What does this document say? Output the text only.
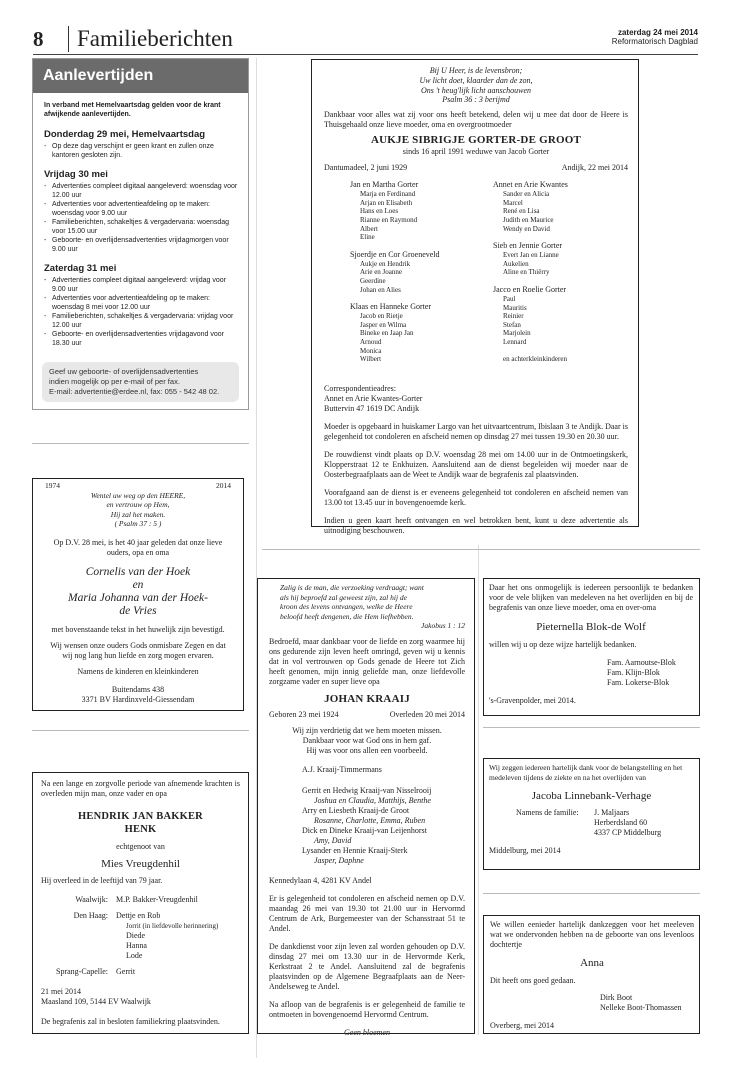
8	Familieberichten	zaterdag 24 mei 2014
Reformatorisch Dagblad
Aanlevertijden
In verband met Hemelvaartsdag gelden voor de krant afwijkende aanlevertijden.
Donderdag 29 mei, Hemelvaartsdag
- Op deze dag verschijnt er geen krant en zullen onze kantoren gesloten zijn.
Vrijdag 30 mei
- Advertenties compleet digitaal aangeleverd: woensdag voor 12.00 uur
- Advertenties voor advertentieafdeling op te maken: woensdag voor 9.00 uur
- Familieberichten, schakeltjes & vergadervaria: woensdag voor 15.00 uur
- Geboorte- en overlijdensadvertenties vrijdagmorgen voor 9.00 uur
Zaterdag 31 mei
- Advertenties compleet digitaal aangeleverd: vrijdag voor 9.00 uur
- Advertenties voor advertentieafdeling op te maken: woensdag 8 mei voor 12.00 uur
- Familieberichten, schakeltjes & vergadervaria: vrijdag voor 12.00 uur
- Geboorte- en overlijdensadvertenties vrijdagavond voor 18.30 uur
Geef uw geboorte- of overlijdensadvertenties
indien mogelijk op per e-mail of per fax.
E-mail: advertentie@erdee.nl, fax: 055 - 542 48 02.
Bij U Heer, is de levensbron;
Uw licht doet, klaarder dan de zon,
Ons 't heug'lijk licht aanschouwen
Psalm 36 : 3 berijmd
Dankbaar voor alles wat zij voor ons heeft betekend, delen wij u mee dat door de Heere is Thuisgehaald onze lieve moeder, oma en overgrootmoeder
AUKJE SIBRIGJE GORTER-DE GROOT
sinds 16 april 1991 weduwe van Jacob Gorter
Dantumadeel, 2 juni 1929	Andijk, 22 mei 2014
Jan en Martha Gorter
Marja en Ferdinand
Arjan en Elisabeth
Hans en Loes
Rianne en Raymond
Albert
Eline
Sjoerdje en Cor Groeneveld
Aukje en Hendrik
Arie en Joanne
Geerdine
Johan en Alies
Klaas en Hanneke Gorter
Jacob en Rietje
Jasper en Wilma
Bineke en Jaap Jan
Arnoud
Monica
Wilbert
Annet en Arie Kwantes
Sander en Alicia
Marcel
René en Lisa
Judith en Maurice
Wendy en David
Sieb en Jennie Gorter
Evert Jan en Lianne
Aukelien
Aline en Thiërry
Jacco en Roelie Gorter
Paul
Mauritis
Reinier
Stefan
Marjolein
Lennard
en achterkleinkinderen
Correspondentieadres:
Annet en Arie Kwantes-Gorter
Buttervin 47 1619 DC Andijk
Moeder is opgebaard in huiskamer Largo van het uitvaartcentrum, Ibislaan 3 te Andijk. Daar is gelegenheid tot condoleren en afscheid nemen op dinsdag 27 mei tussen 19.30 en 20.30 uur.
De rouwdienst vindt plaats op D.V. woensdag 28 mei om 14.00 uur in de Ontmoetingskerk, Klopperstraat 12 te Enkhuizen. Aansluitend aan de dienst begeleiden wij moeder naar de Oosterbegraafplaats aan de Weet te Andijk waar de begrafenis zal plaatsvinden.
Voorafgaand aan de dienst is er eveneens gelegenheid tot condoleren en afscheid nemen van 13.00 tot 13.45 uur in bovengenoemde kerk.
Indien u geen kaart heeft ontvangen en wel betrokken bent, kunt u deze advertentie als uitnodiging beschouwen.
1974	2014
Wentel uw weg op den HEERE,
en vertrouw op Hem,
Hij zal het maken.
( Psalm 37 : 5 )
Op D.V. 28 mei, is het 40 jaar geleden dat onze lieve ouders, opa en oma
Cornelis van der Hoek
en
Maria Johanna van der Hoek-
de Vries
met bovenstaande tekst in het huwelijk zijn bevestigd.
Wij wensen onze ouders Gods onmisbare Zegen en dat wij nog lang hun liefde en zorg mogen ervaren.
Namens de kinderen en kleinkinderen
Buitendams 438
3371 BV Hardinxveld-Giessendam
Zalig is de man, die verzoeking verdraagt; want
als hij beproefd zal geweest zijn, zal hij de
kroon des levens ontvangen, welke de Heere
beloofd heeft dengenen, die Hem liefhebben.
Jakobus 1 : 12
Bedroefd, maar dankbaar voor de liefde en zorg waarmee hij ons gedurende zijn leven heeft omringd, geven wij u kennis dat in vol vertrouwen op Gods genade de Heere tot Zich heeft genomen, mijn innig geliefde man, onze liefdevolle zorgzame vader en super lieve opa
JOHAN KRAAIJ
Geboren 23 mei 1924	Overleden 20 mei 2014
Wij zijn verdrietig dat we hem moeten missen.
Dankbaar voor wat God ons in hem gaf.
Hij was voor ons allen een voorbeeld.
A.J. Kraaij-Timmermans
Gerrit en Hedwig Kraaij-van Nisselrooij
Joshua en Claudia, Matthijs, Benthe
Arry en Liesbeth Kraaij-de Groot
Rosanne, Charlotte, Emma, Ruben
Dick en Dineke Kraaij-van Leijenhorst
Amy, David
Lysander en Hennie Kraaij-Sterk
Jasper, Daphne
Kennedylaan 4, 4281 KV Andel
Er is gelegenheid tot condoleren en afscheid nemen op D.V. maandag 26 mei van 19.30 tot 21.00 uur in Hervormd Centrum de Ark, Burgemeester van der Schansstraat 51 te Andel.
De dankdienst voor zijn leven zal worden gehouden op D.V. dinsdag 27 mei om 13.30 uur in de Hervormde Kerk, Kerkstraat 2 te Andel. Aansluitend zal de begrafenis plaatsvinden op de Algemene Begraafplaats aan de Neer-Andelseweg te Andel.
Na afloop van de begrafenis is er gelegenheid de familie te ontmoeten in bovengenoemd Hervormd Centrum.
Geen bloemen
Na een lange en zorgvolle periode van afnemende krachten is overleden mijn man, onze vader en opa
HENDRIK JAN BAKKER
HENK
echtgenoot van
Mies Vreugdenhil
Hij overleed in de leeftijd van 79 jaar.
Waalwijk:	M.P. Bakker-Vreugdenhil
Den Haag:	Dettje en Rob
Jorrit (in liefdevolle herinnering)
Diede
Hanna
Lode
Sprang-Capelle:	Gerrit
21 mei 2014
Maasland 109, 5144 EV Waalwijk
De begrafenis zal in besloten familiekring plaatsvinden.
Daar het ons onmogelijk is iedereen persoonlijk te bedanken voor de vele blijken van medeleven na het overlijden en bij de begrafenis van onze lieve moeder, oma en over-oma
Pieternella Blok-de Wolf
willen wij u op deze wijze hartelijk bedanken.
Fam. Aarnoutse-Blok
Fam. Klijn-Blok
Fam. Lokerse-Blok
's-Gravenpolder, mei 2014.
Wij zeggen iedereen hartelijk dank voor de belangstelling en het medeleven tijdens de ziekte en na het overlijden van
Jacoba Linnebank-Verhage
Namens de familie:	J. Maljaars
Herberdsland 60
4337 CP Middelburg
Middelburg, mei 2014
We willen eenieder hartelijk dankzeggen voor het meeleven wat we ondervonden hebben na de geboorte van ons levenloos dochtertje
Anna
Dit heeft ons goed gedaan.
Dirk Boot
Nelleke Boot-Thomassen
Overberg, mei 2014
